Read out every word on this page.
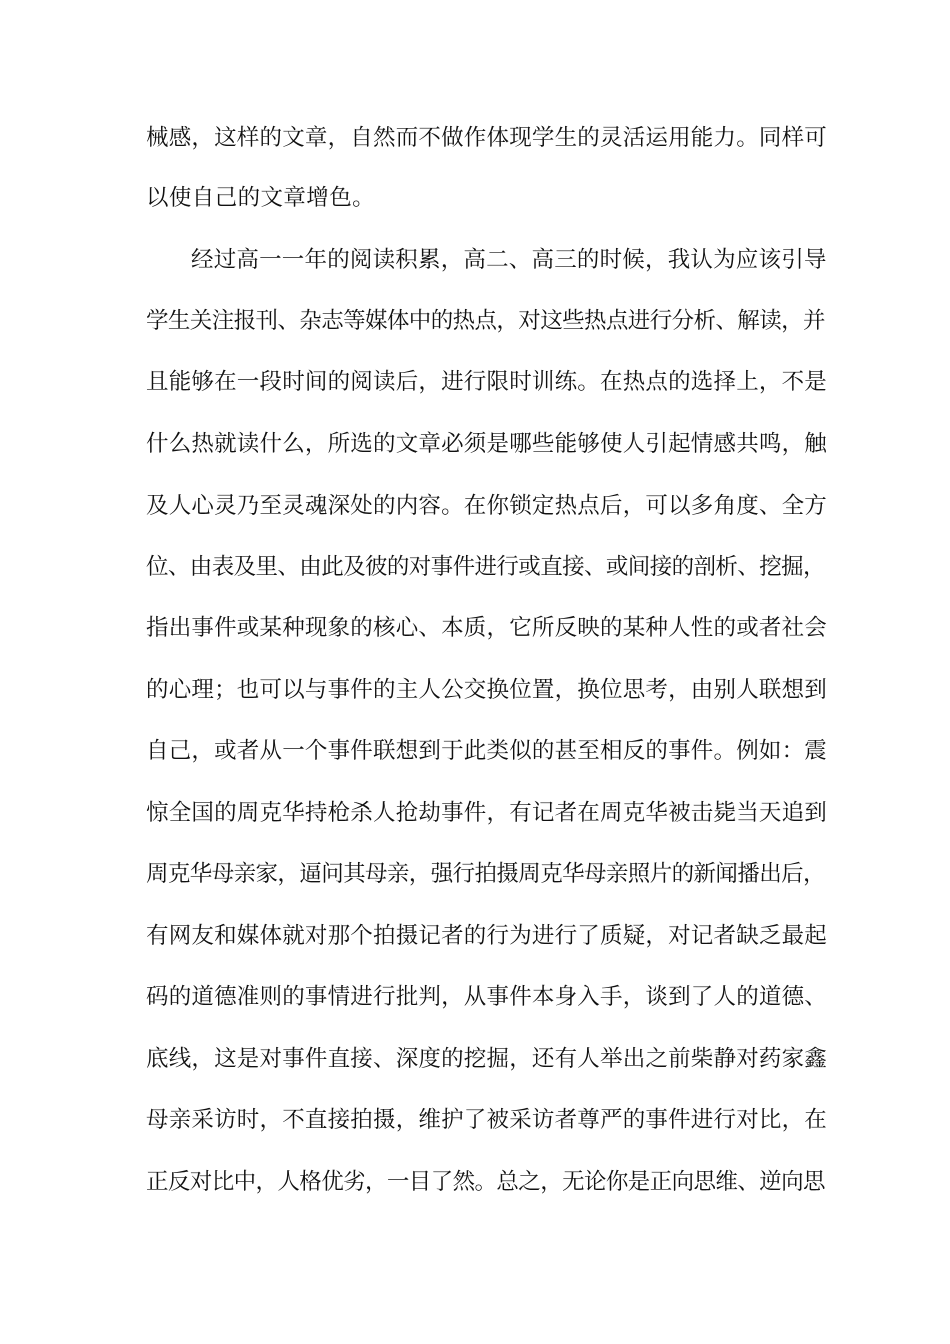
械感，这样的文章，自然而不做作体现学生的灵活运用能力。同样可
以使自己的文章增色。
经过高一一年的阅读积累，高二、高三的时候，我认为应该引导
学生关注报刊、杂志等媒体中的热点，对这些热点进行分析、解读，并
且能够在一段时间的阅读后，进行限时训练。在热点的选择上，不是
什么热就读什么，所选的文章必须是哪些能够使人引起情感共鸣，触
及人心灵乃至灵魂深处的内容。在你锁定热点后，可以多角度、全方
位、由表及里、由此及彼的对事件进行或直接、或间接的剖析、挖掘，
指出事件或某种现象的核心、本质，它所反映的某种人性的或者社会
的心理；也可以与事件的主人公交换位置，换位思考，由别人联想到
自己，或者从一个事件联想到于此类似的甚至相反的事件。例如：震
惊全国的周克华持枪杀人抢劫事件，有记者在周克华被击毙当天追到
周克华母亲家，逼问其母亲，强行拍摄周克华母亲照片的新闻播出后，
有网友和媒体就对那个拍摄记者的行为进行了质疑，对记者缺乏最起
码的道德准则的事情进行批判，从事件本身入手，谈到了人的道德、
底线，这是对事件直接、深度的挖掘，还有人举出之前柴静对药家鑫
母亲采访时，不直接拍摄，维护了被采访者尊严的事件进行对比，在
正反对比中，人格优劣，一目了然。总之，无论你是正向思维、逆向思
